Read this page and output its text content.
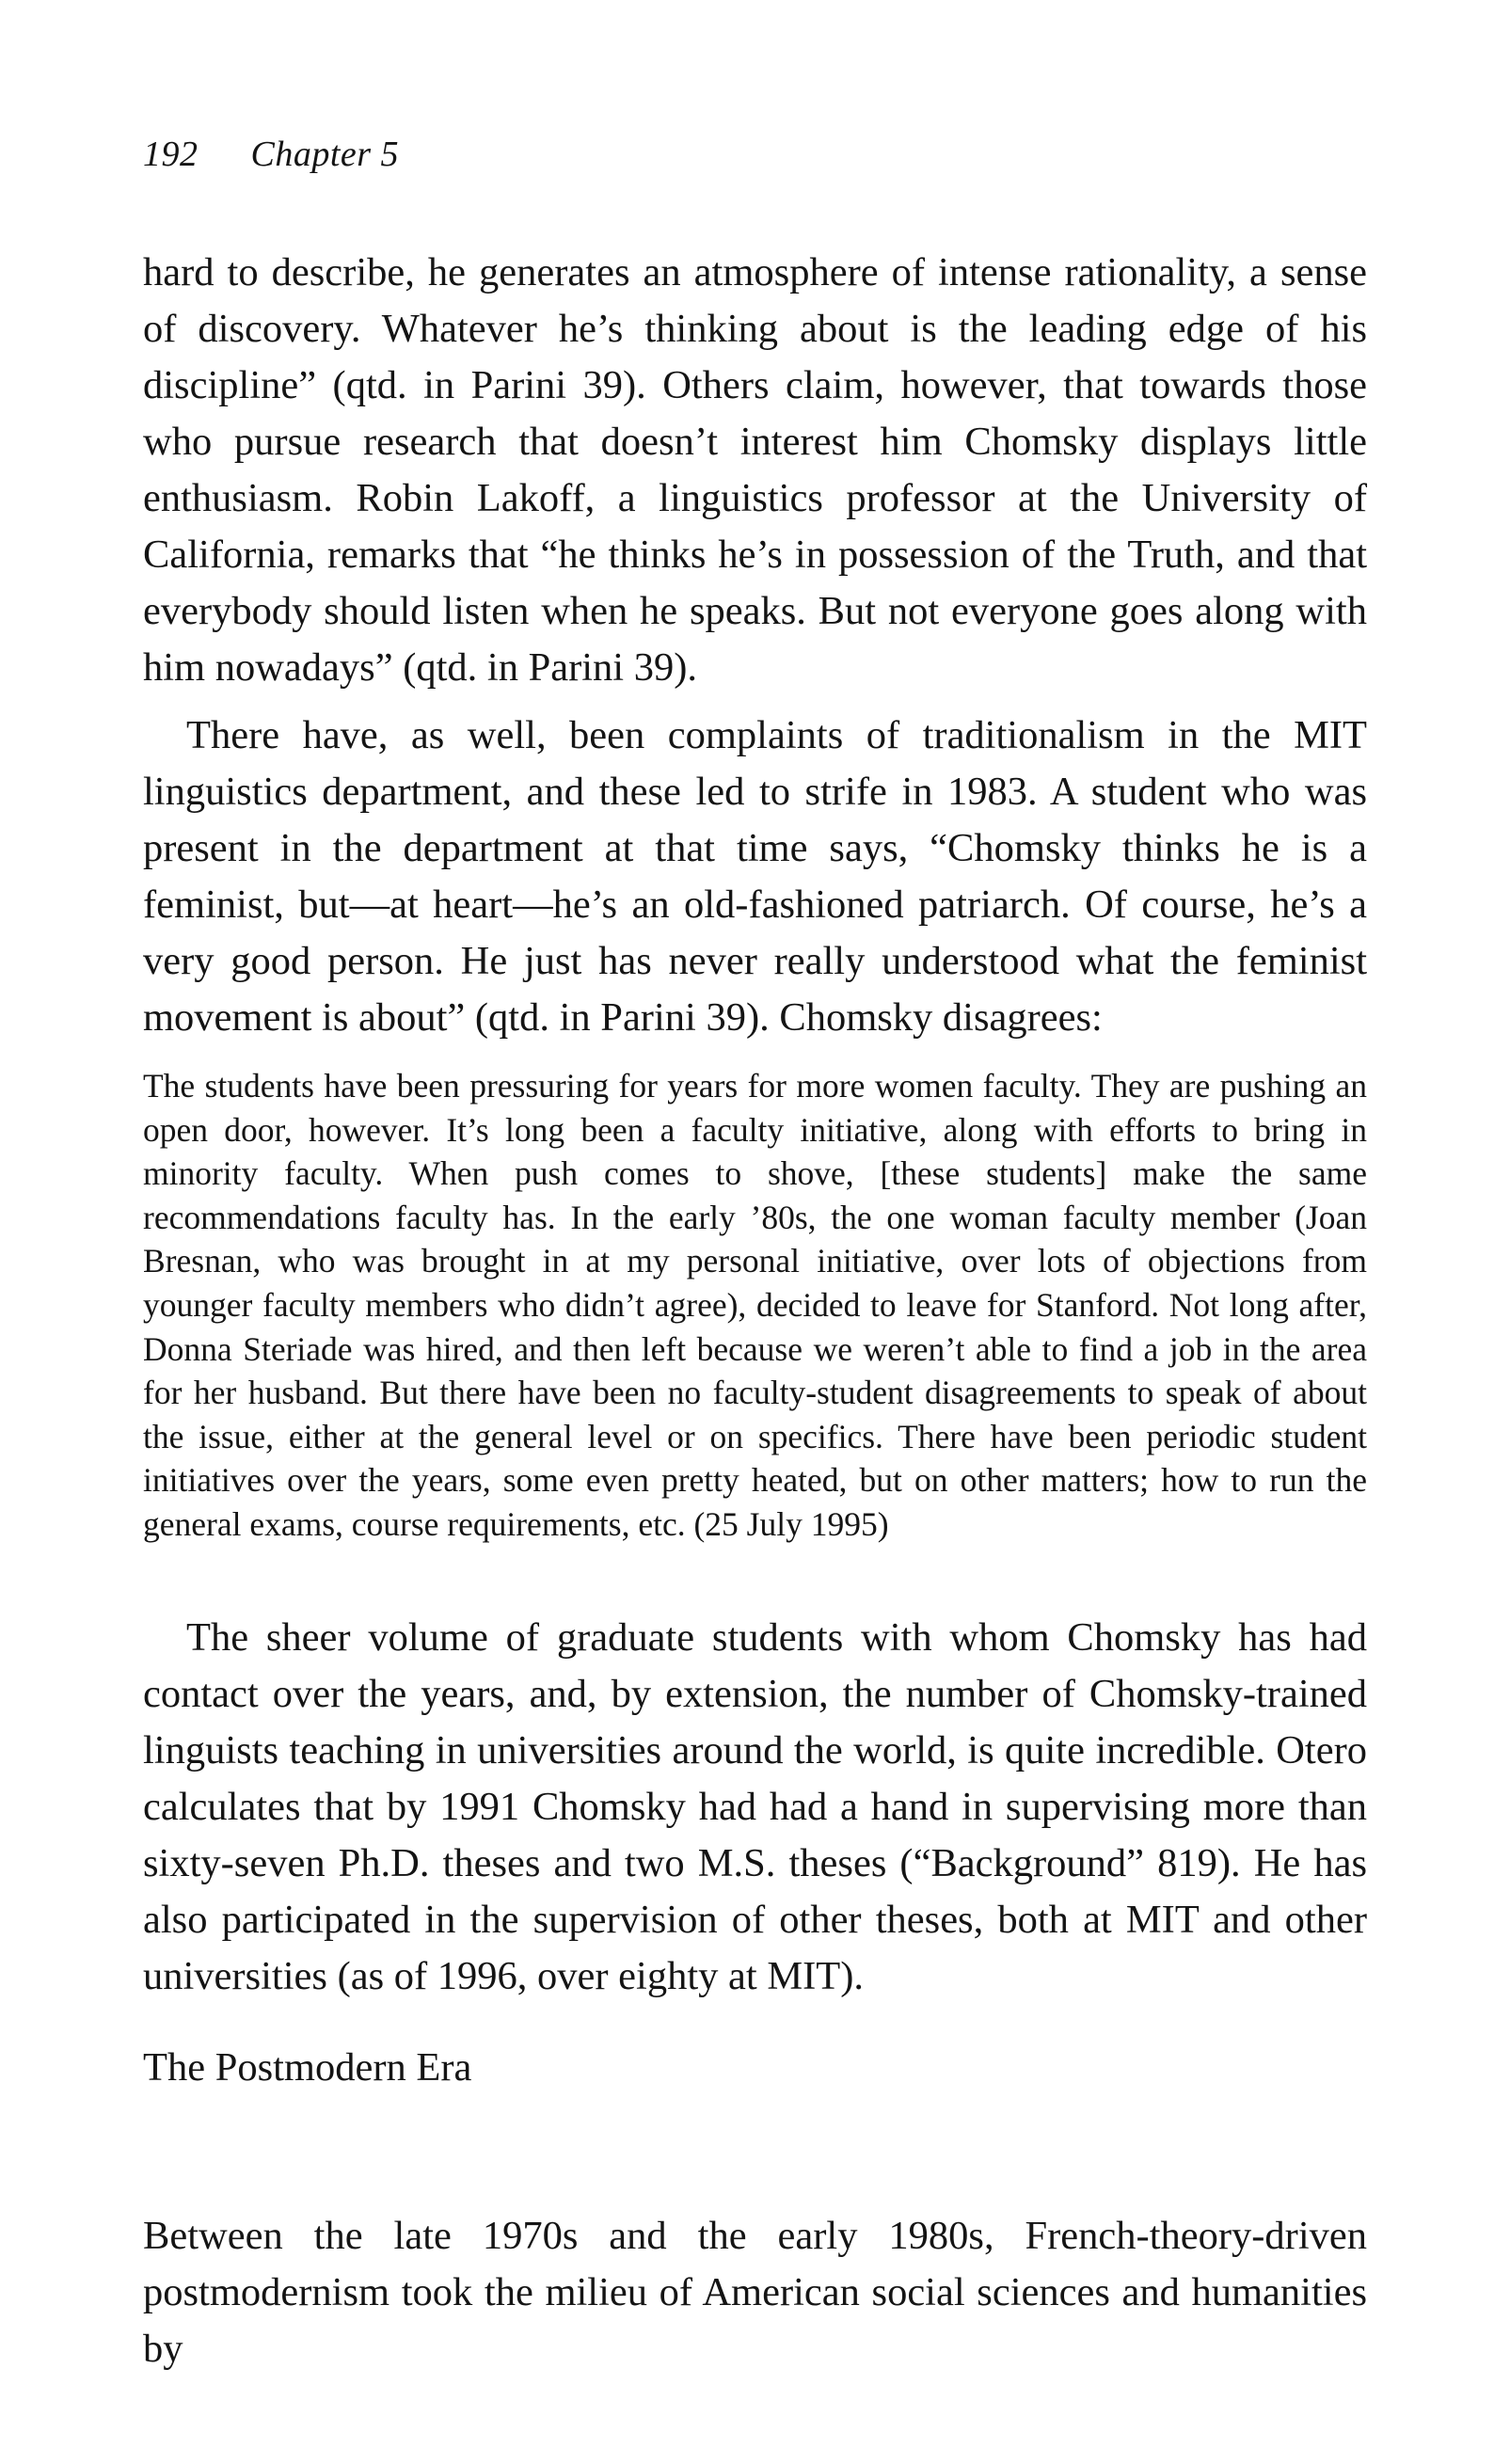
192 Chapter 5

hard to describe, he generates an atmosphere of intense rationality, a sense of discovery. Whatever he’s thinking about is the leading edge of his discipline” (qtd. in Parini 39). Others claim, however, that towards those who pursue research that doesn’t interest him Chomsky displays little enthusiasm. Robin Lakoff, a linguistics professor at the University of California, remarks that “he thinks he’s in possession of the Truth, and that everybody should listen when he speaks. But not everyone goes along with him nowadays” (qtd. in Parini 39).

There have, as well, been complaints of traditionalism in the MIT linguistics department, and these led to strife in 1983. A student who was present in the department at that time says, “Chomsky thinks he is a feminist, but—at heart—he’s an old-fashioned patriarch. Of course, he’s a very good person. He just has never really understood what the feminist movement is about” (qtd. in Parini 39). Chomsky disagrees:

The students have been pressuring for years for more women faculty. They are pushing an open door, however. It’s long been a faculty initiative, along with efforts to bring in minority faculty. When push comes to shove, [these students] make the same recommendations faculty has. In the early ’80s, the one woman faculty member (Joan Bresnan, who was brought in at my personal initiative, over lots of objections from younger faculty members who didn’t agree), decided to leave for Stanford. Not long after, Donna Steriade was hired, and then left because we weren’t able to find a job in the area for her husband. But there have been no faculty-student disagreements to speak of about the issue, either at the general level or on specifics. There have been periodic student initiatives over the years, some even pretty heated, but on other matters; how to run the general exams, course requirements, etc. (25 July 1995)

The sheer volume of graduate students with whom Chomsky has had contact over the years, and, by extension, the number of Chomsky-trained linguists teaching in universities around the world, is quite incredible. Otero calculates that by 1991 Chomsky had had a hand in supervising more than sixty-seven Ph.D. theses and two M.S. theses (“Background” 819). He has also participated in the supervision of other theses, both at MIT and other universities (as of 1996, over eighty at MIT).

The Postmodern Era

Between the late 1970s and the early 1980s, French-theory-driven postmodernism took the milieu of American social sciences and humanities by
